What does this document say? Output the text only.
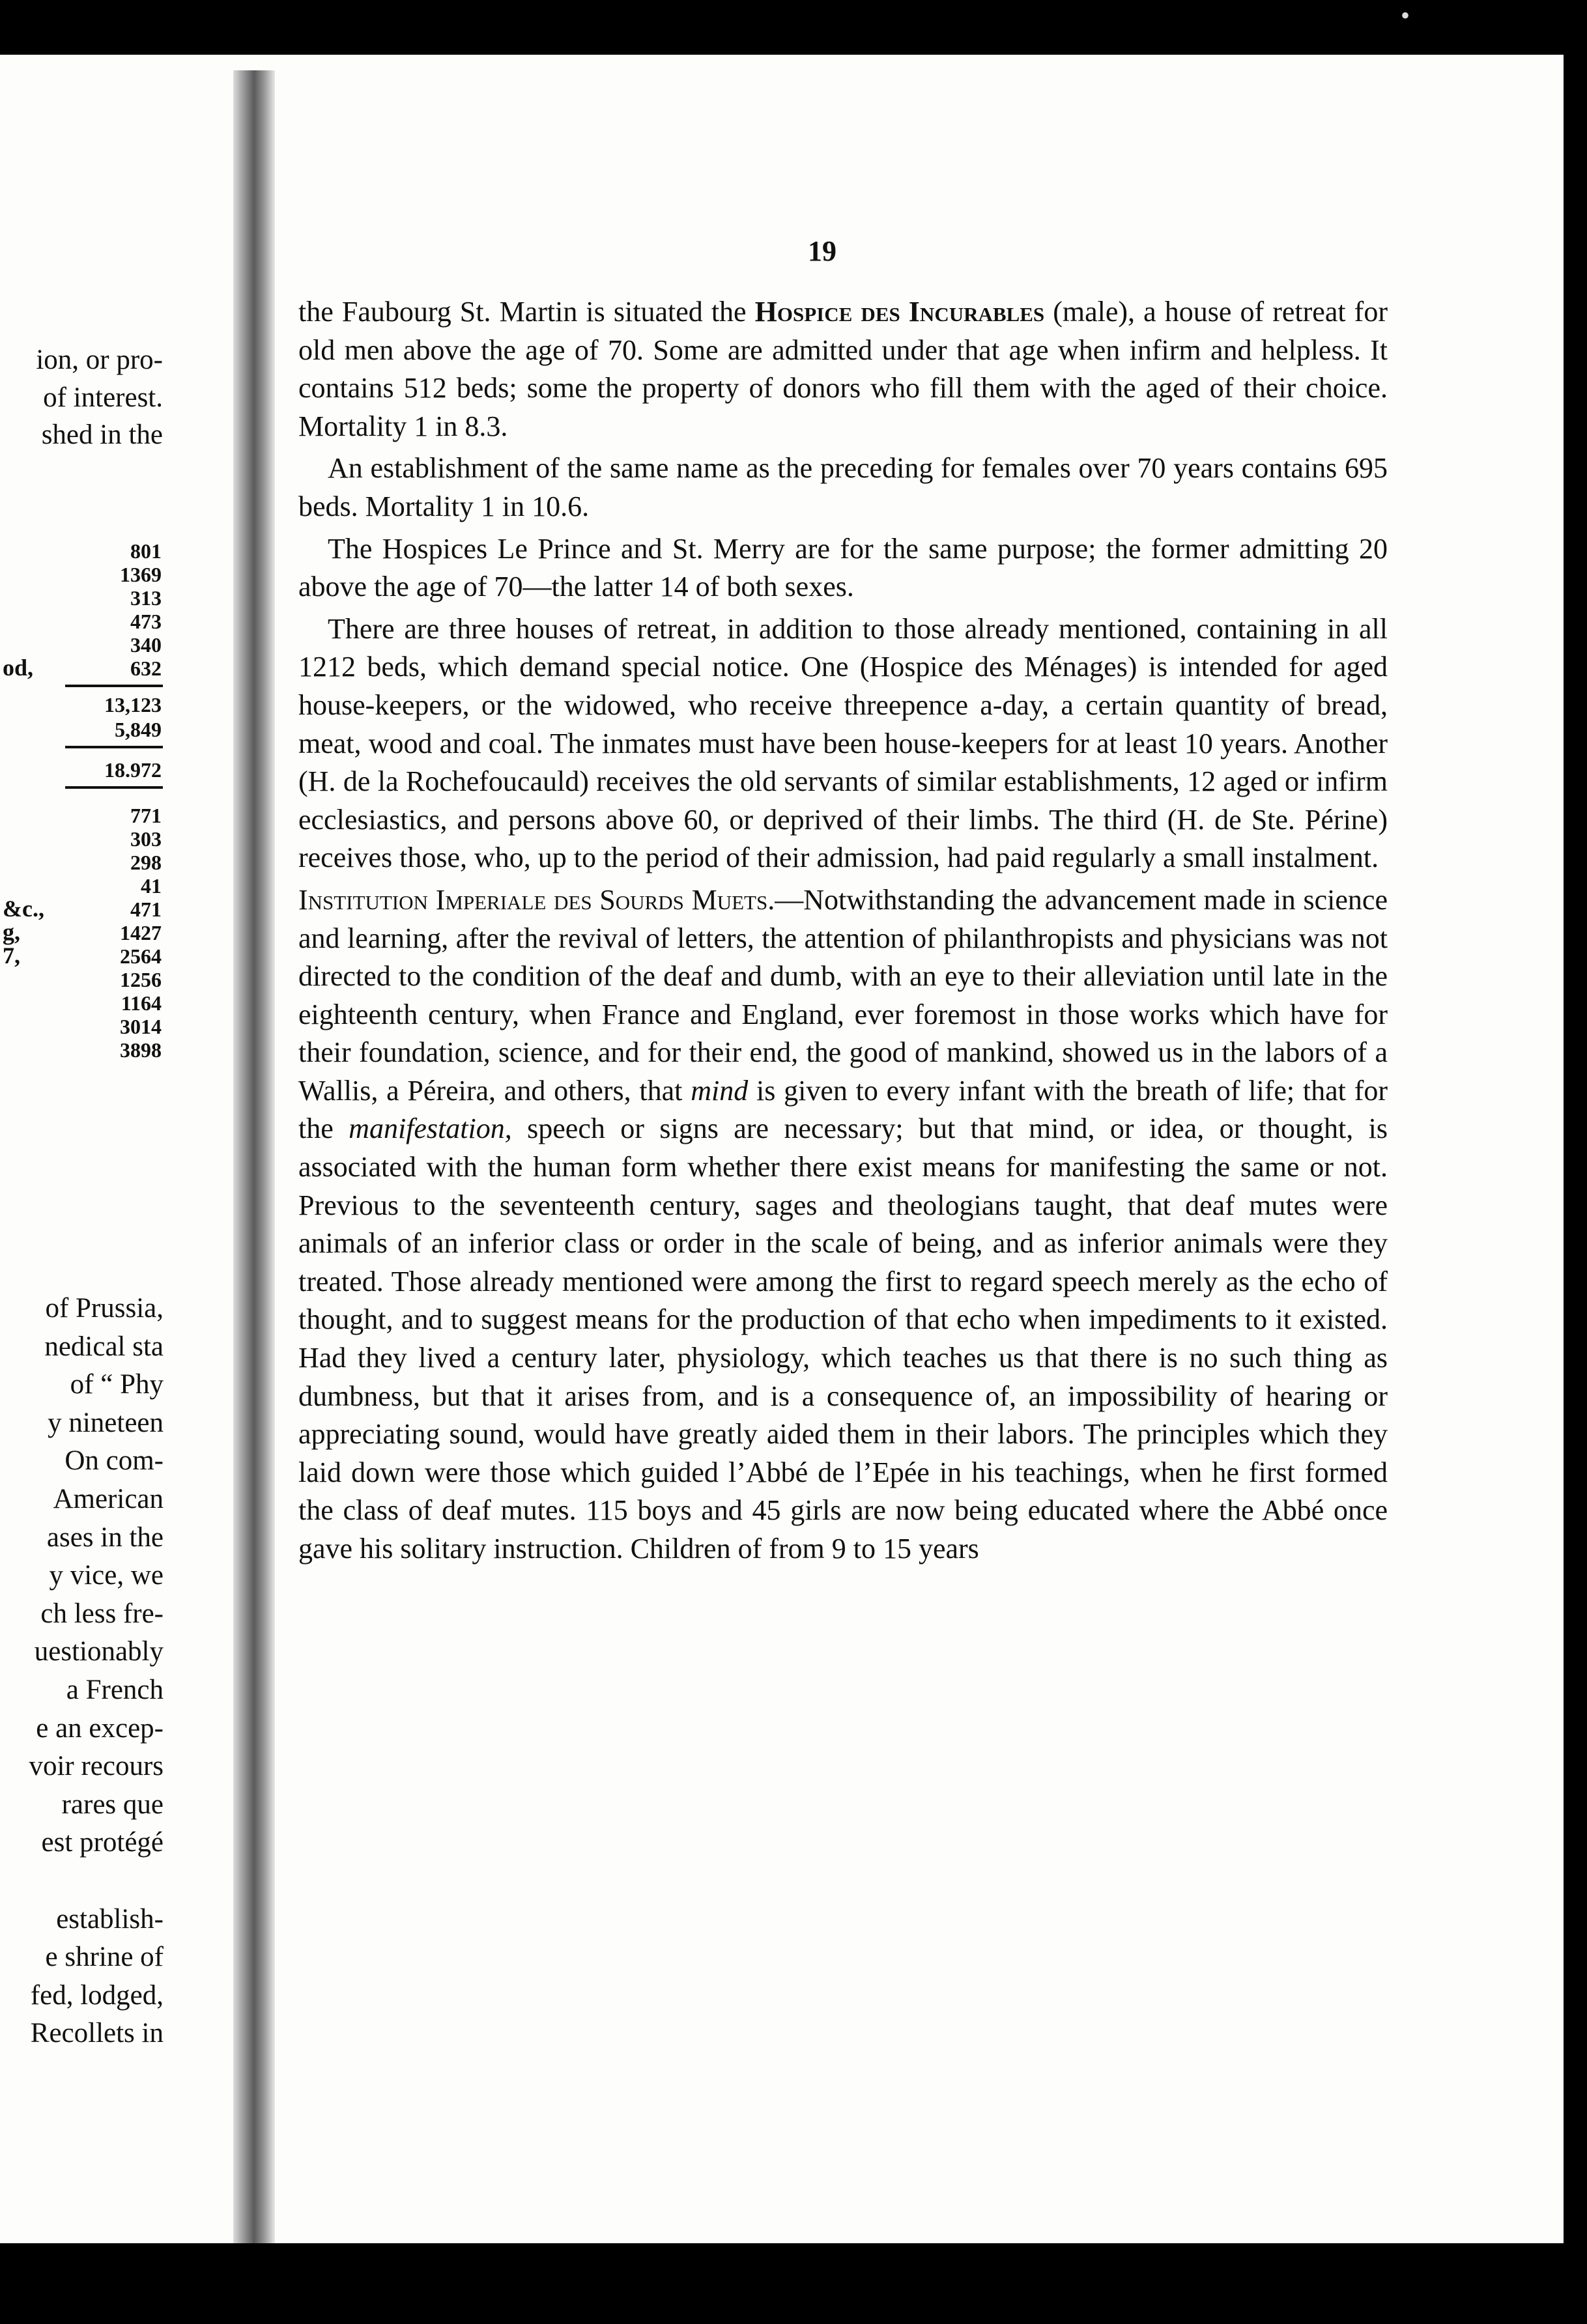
•
ion, or pro-
of interest.
shed in the
801
1369
313
473
340
632
13,123
5,849
18.972
771
303
298
41
471
1427
2564
1256
1164
3014
3898
od,
&c.,
g,
7,
of Prussia,
nedical sta
of “ Phy
y nineteen
On com-
American
ases in the
y vice, we
ch less fre-
uestionably
a French
e an excep-
voir recours
rares que
est protégé
establish-
e shrine of
fed, lodged,
Recollets in
19

the Faubourg St. Martin is situated the Hospice des Incurables (male), a house of retreat for old men above the age of 70. Some are admitted under that age when infirm and helpless. It contains 512 beds; some the property of donors who fill them with the aged of their choice. Mortality 1 in 8.3.

An establishment of the same name as the preceding for females over 70 years contains 695 beds. Mortality 1 in 10.6.

The Hospices Le Prince and St. Merry are for the same purpose; the former admitting 20 above the age of 70—the latter 14 of both sexes.

There are three houses of retreat, in addition to those already mentioned, containing in all 1212 beds, which demand special notice. One (Hospice des Ménages) is intended for aged house-keepers, or the widowed, who receive threepence a-day, a certain quantity of bread, meat, wood and coal. The inmates must have been house-keepers for at least 10 years. Another (H. de la Rochefoucauld) receives the old servants of similar establishments, 12 aged or infirm ecclesiastics, and persons above 60, or deprived of their limbs. The third (H. de Ste. Périne) receives those, who, up to the period of their admission, had paid regularly a small instalment.

Institution Imperiale des Sourds Muets.—Notwithstanding the advancement made in science and learning, after the revival of letters, the attention of philanthropists and physicians was not directed to the condition of the deaf and dumb, with an eye to their alleviation until late in the eighteenth century, when France and England, ever foremost in those works which have for their foundation, science, and for their end, the good of mankind, showed us in the labors of a Wallis, a Péreira, and others, that mind is given to every infant with the breath of life; that for the manifestation, speech or signs are necessary; but that mind, or idea, or thought, is associated with the human form whether there exist means for manifesting the same or not. Previous to the seventeenth century, sages and theologians taught, that deaf mutes were animals of an inferior class or order in the scale of being, and as inferior animals were they treated. Those already mentioned were among the first to regard speech merely as the echo of thought, and to suggest means for the production of that echo when impediments to it existed. Had they lived a century later, physiology, which teaches us that there is no such thing as dumbness, but that it arises from, and is a consequence of, an impossibility of hearing or appreciating sound, would have greatly aided them in their labors. The principles which they laid down were those which guided l’Abbé de l’Epée in his teachings, when he first formed the class of deaf mutes. 115 boys and 45 girls are now being educated where the Abbé once gave his solitary instruction. Children of from 9 to 15 years
